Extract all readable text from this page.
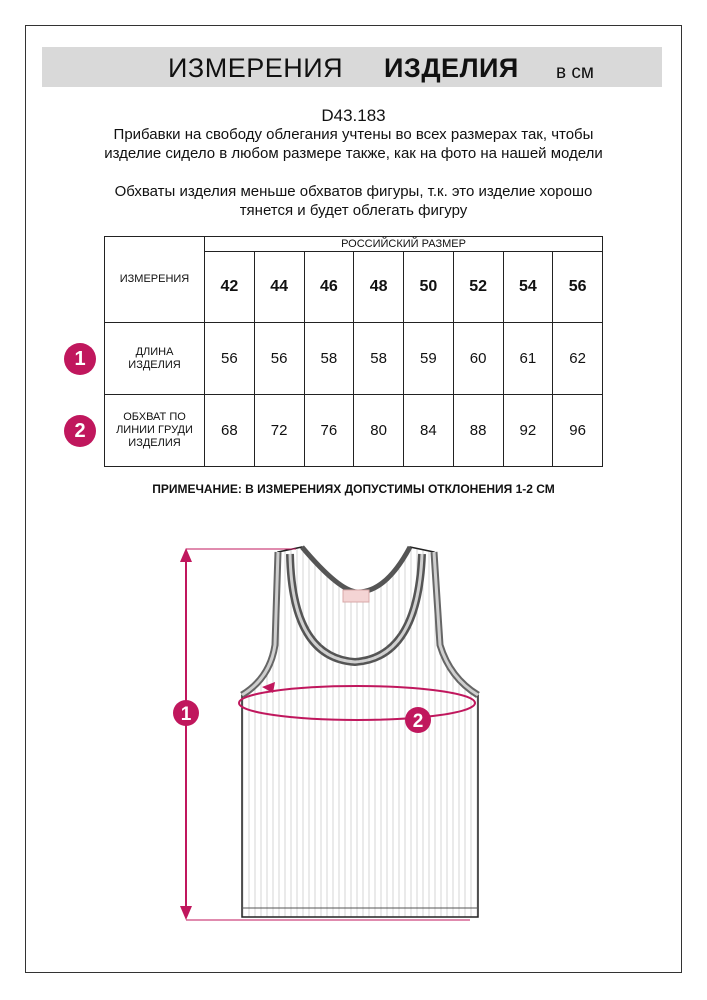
ИЗМЕРЕНИЯ ИЗДЕЛИЯ в см
D43.183
Прибавки на свободу облегания учтены во всех размерах так, чтобы изделие сидело в любом размере также, как на фото на нашей модели
Обхваты изделия меньше обхватов фигуры, т.к. это изделие хорошо тянется и будет облегать фигуру
ИЗМЕРЕНИЯ	РОССИЙСКИЙ РАЗМЕР							
	42	44	46	48	50	52	54	56
ДЛИНА
ИЗДЕЛИЯ	56	56	58	58	59	60	61	62
ОБХВАТ ПО
ЛИНИИ ГРУДИ
ИЗДЕЛИЯ	68	72	76	80	84	88	92	96
1
2
ПРИМЕЧАНИЕ: В ИЗМЕРЕНИЯХ ДОПУСТИМЫ ОТКЛОНЕНИЯ 1-2 СМ
1	2
